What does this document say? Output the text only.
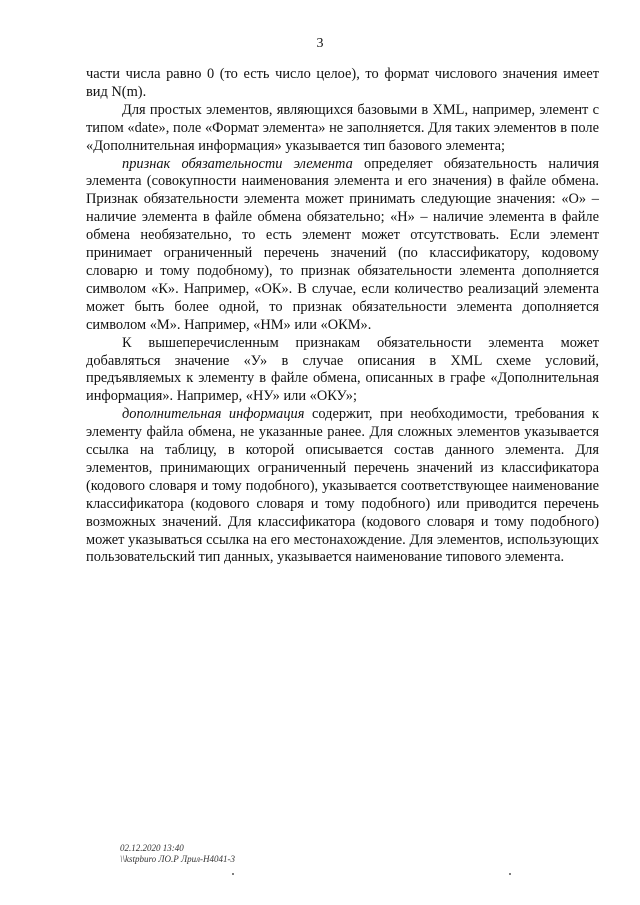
3

части числа равно 0 (то есть число целое), то формат числового значения имеет вид N(m).

Для простых элементов, являющихся базовыми в XML, например, элемент с типом «date», поле «Формат элемента» не заполняется. Для таких элементов в поле «Дополнительная информация» указывается тип базового элемента;

признак обязательности элемента определяет обязательность наличия элемента (совокупности наименования элемента и его значения) в файле обмена. Признак обязательности элемента может принимать следующие значения: «О» – наличие элемента в файле обмена обязательно; «Н» – наличие элемента в файле обмена необязательно, то есть элемент может отсутствовать. Если элемент принимает ограниченный перечень значений (по классификатору, кодовому словарю и тому подобному), то признак обязательности элемента дополняется символом «К». Например, «ОК». В случае, если количество реализаций элемента может быть более одной, то признак обязательности элемента дополняется символом «М». Например, «НМ» или «ОКМ».

К вышеперечисленным признакам обязательности элемента может добавляться значение «У» в случае описания в XML схеме условий, предъявляемых к элементу в файле обмена, описанных в графе «Дополнительная информация». Например, «НУ» или «ОКУ»;

дополнительная информация содержит, при необходимости, требования к элементу файла обмена, не указанные ранее. Для сложных элементов указывается ссылка на таблицу, в которой описывается состав данного элемента. Для элементов, принимающих ограниченный перечень значений из классификатора (кодового словаря и тому подобного), указывается соответствующее наименование классификатора (кодового словаря и тому подобного) или приводится перечень возможных значений. Для классификатора (кодового словаря и тому подобного) может указываться ссылка на его местонахождение. Для элементов, использующих пользовательский тип данных, указывается наименование типового элемента.

02.12.2020 13:40
\\kstpburo ЛО.Р Лрил-Н4041-3
